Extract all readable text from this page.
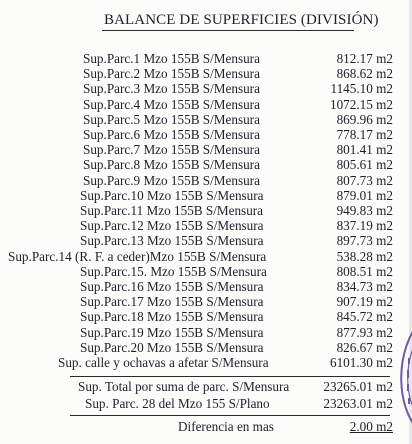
BALANCE DE SUPERFICIES (DIVISIÓN)
Sup.Parc.1 Mzo 155B S/Mensura	812.17 m2
Sup.Parc.2 Mzo 155B S/Mensura	868.62 m2
Sup.Parc.3 Mzo 155B S/Mensura	1145.10 m2
Sup.Parc.4 Mzo 155B S/Mensura	1072.15 m2
Sup.Parc.5 Mzo 155B S/Mensura	869.96 m2
Sup.Parc.6 Mzo 155B S/Mensura	778.17 m2
Sup.Parc.7 Mzo 155B S/Mensura	801.41 m2
Sup.Parc.8 Mzo 155B S/Mensura	805.61 m2
Sup.Parc.9 Mzo 155B S/Mensura	807.73 m2
Sup.Parc.10 Mzo 155B S/Mensura	879.01 m2
Sup.Parc.11 Mzo 155B S/Mensura	949.83 m2
Sup.Parc.12 Mzo 155B S/Mensura	837.19 m2
Sup.Parc.13 Mzo 155B S/Mensura	897.73 m2
Sup.Parc.14 (R. F. a ceder)Mzo 155B S/Mensura	538.28 m2
Sup.Parc.15. Mzo 155B S/Mensura	808.51 m2
Sup.Parc.16 Mzo 155B S/Mensura	834.73 m2
Sup.Parc.17 Mzo 155B S/Mensura	907.19 m2
Sup.Parc.18 Mzo 155B S/Mensura	845.72 m2
Sup.Parc.19 Mzo 155B S/Mensura	877.93 m2
Sup.Parc.20 Mzo 155B S/Mensura	826.67 m2
Sup. calle y ochavas a afetar S/Mensura	6101.30 m2
Sup. Total por suma de parc. S/Mensura	23265.01 m2
Sup. Parc. 28 del Mzo 155 S/Plano	23263.01 m2
Diferencia en mas	2.00 m2
